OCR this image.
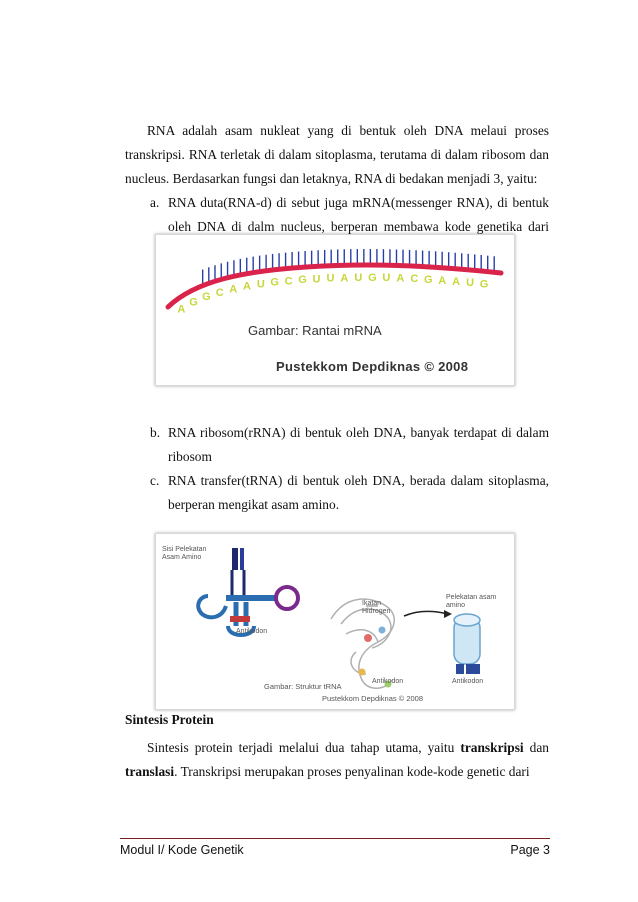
RNA adalah asam nukleat yang di bentuk oleh DNA melaui proses transkripsi. RNA terletak di dalam sitoplasma, terutama di dalam ribosom dan nucleus. Berdasarkan fungsi dan letaknya, RNA di bedakan menjadi 3, yaitu:

a. RNA duta(RNA-d) di sebut juga mRNA(messenger RNA), di bentuk oleh DNA di dalm nucleus, berperan membawa kode genetika dari

A
G G C A A U G C G U U A U G U A C G A A U G
Gambar: Rantai mRNA
Pustekkom Depdiknas © 2008

b. RNA ribosom(rRNA) di bentuk oleh DNA, banyak terdapat di dalam ribosom

c. RNA transfer(tRNA) di bentuk oleh DNA, berada dalam sitoplasma, berperan mengikat asam amino.

Sisi Pelekatan Asam Amino
Antikodon
Ikatan Hidrogen
Antikodon
Pelekatan asam amino
Antikodon
Gambar: Struktur tRNA
Pustekkom Depdiknas © 2008
Sintesis Protein

Sintesis protein terjadi melalui dua tahap utama, yaitu transkripsi dan translasi. Transkripsi merupakan proses penyalinan kode-kode genetic dari

Modul I/ Kode Genetik	Page 3
